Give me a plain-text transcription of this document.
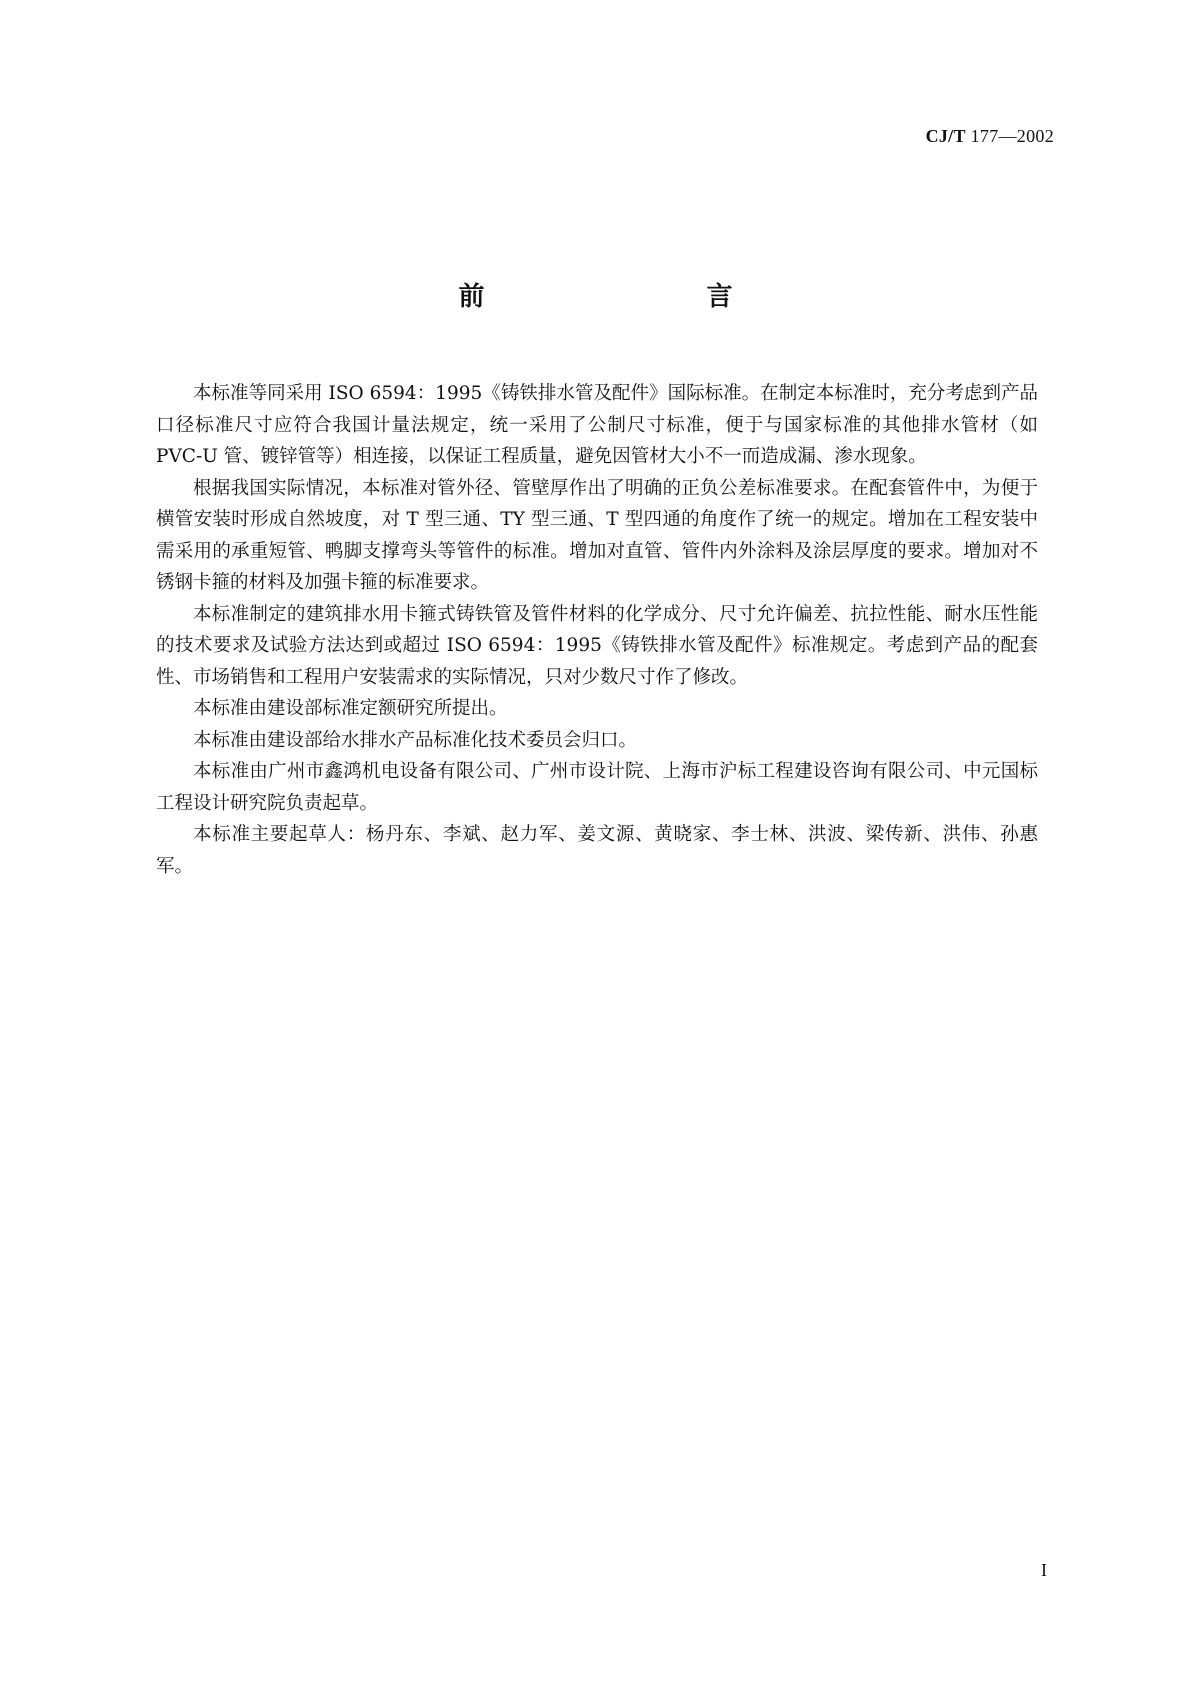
CJ/T 177—2002
前　言

本标准等同采用 ISO 6594：1995《铸铁排水管及配件》国际标准。在制定本标准时，充分考虑到产品口径标准尺寸应符合我国计量法规定，统一采用了公制尺寸标准，便于与国家标准的其他排水管材（如 PVC-U 管、镀锌管等）相连接，以保证工程质量，避免因管材大小不一而造成漏、渗水现象。

根据我国实际情况，本标准对管外径、管壁厚作出了明确的正负公差标准要求。在配套管件中，为便于横管安装时形成自然坡度，对 T 型三通、TY 型三通、T 型四通的角度作了统一的规定。增加在工程安装中需采用的承重短管、鸭脚支撑弯头等管件的标准。增加对直管、管件内外涂料及涂层厚度的要求。增加对不锈钢卡箍的材料及加强卡箍的标准要求。

本标准制定的建筑排水用卡箍式铸铁管及管件材料的化学成分、尺寸允许偏差、抗拉性能、耐水压性能的技术要求及试验方法达到或超过 ISO 6594：1995《铸铁排水管及配件》标准规定。考虑到产品的配套性、市场销售和工程用户安装需求的实际情况，只对少数尺寸作了修改。

本标准由建设部标准定额研究所提出。

本标准由建设部给水排水产品标准化技术委员会归口。

本标准由广州市鑫鸿机电设备有限公司、广州市设计院、上海市沪标工程建设咨询有限公司、中元国标工程设计研究院负责起草。

本标准主要起草人：杨丹东、李斌、赵力军、姜文源、黄晓家、李士林、洪波、梁传新、洪伟、孙惠军。

I
